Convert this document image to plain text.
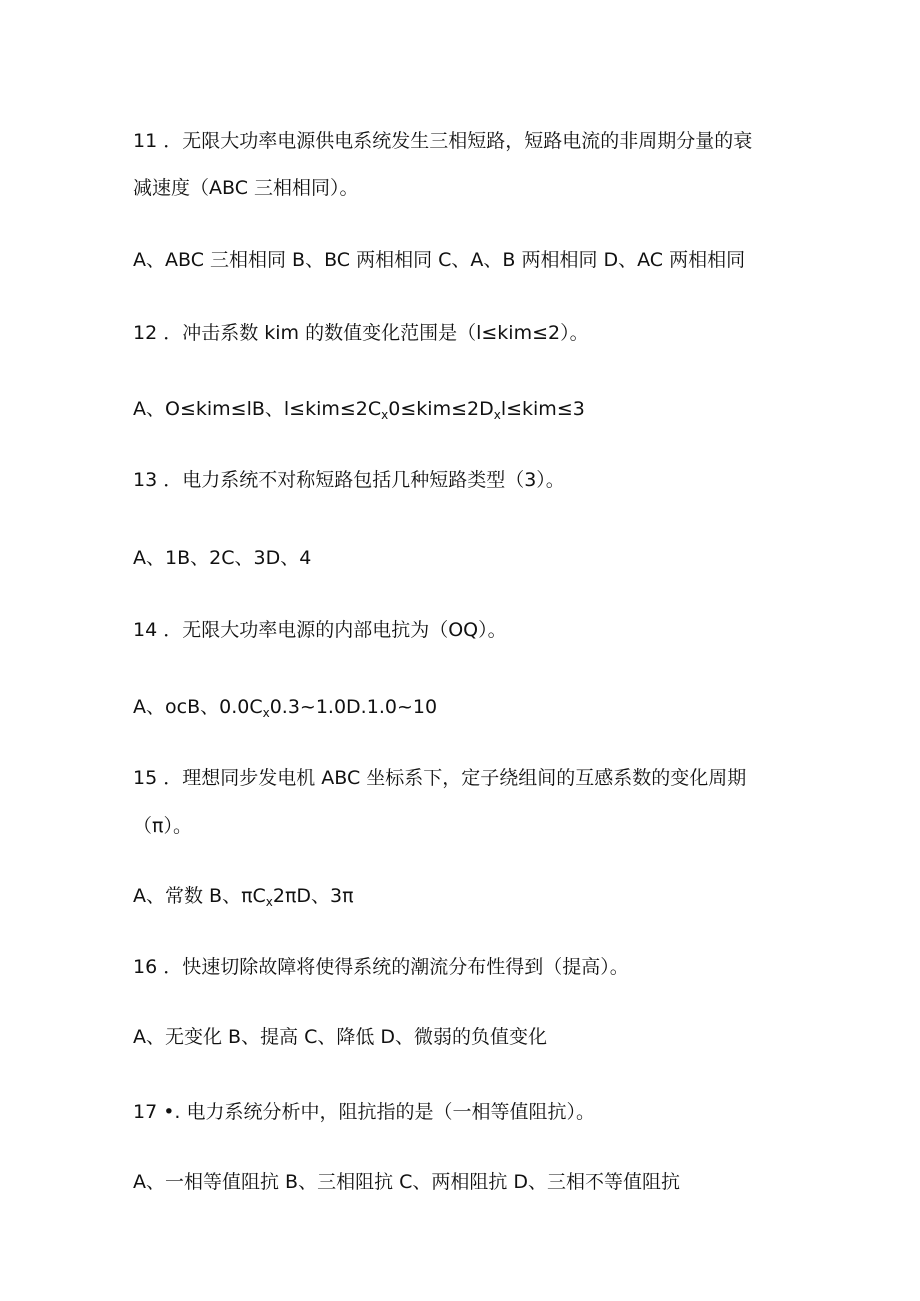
11 ．无限大功率电源供电系统发生三相短路，短路电流的非周期分量的衰
减速度（ABC 三相相同）。
A、ABC 三相相同 B、BC 两相相同 C、A、B 两相相同 D、AC 两相相同
12 ．冲击系数 kim 的数值变化范围是（l≤kim≤2）。
A、O≤kim≤lB、$l\le kim\le 2C_x0\le kim\le 2D_xl\le kim\le 3$
13 ．电力系统不对称短路包括几种短路类型（3）。
A、1B、2C、3D、4
14 ．无限大功率电源的内部电抗为（OQ）。
A、ocB、$0.0C_x0.3\sim 1.0D.1.0\sim 10$
15 ．理想同步发电机 ABC 坐标系下，定子绕组间的互感系数的变化周期
（π）。
A、常数 B、$\pi C_x2\pi D$、3π
16 ．快速切除故障将使得系统的潮流分布性得到（提高）。
A、无变化 B、提高 C、降低 D、微弱的负值变化
17 •. 电力系统分析中，阻抗指的是（一相等值阻抗）。
A、一相等值阻抗 B、三相阻抗 C、两相阻抗 D、三相不等值阻抗
